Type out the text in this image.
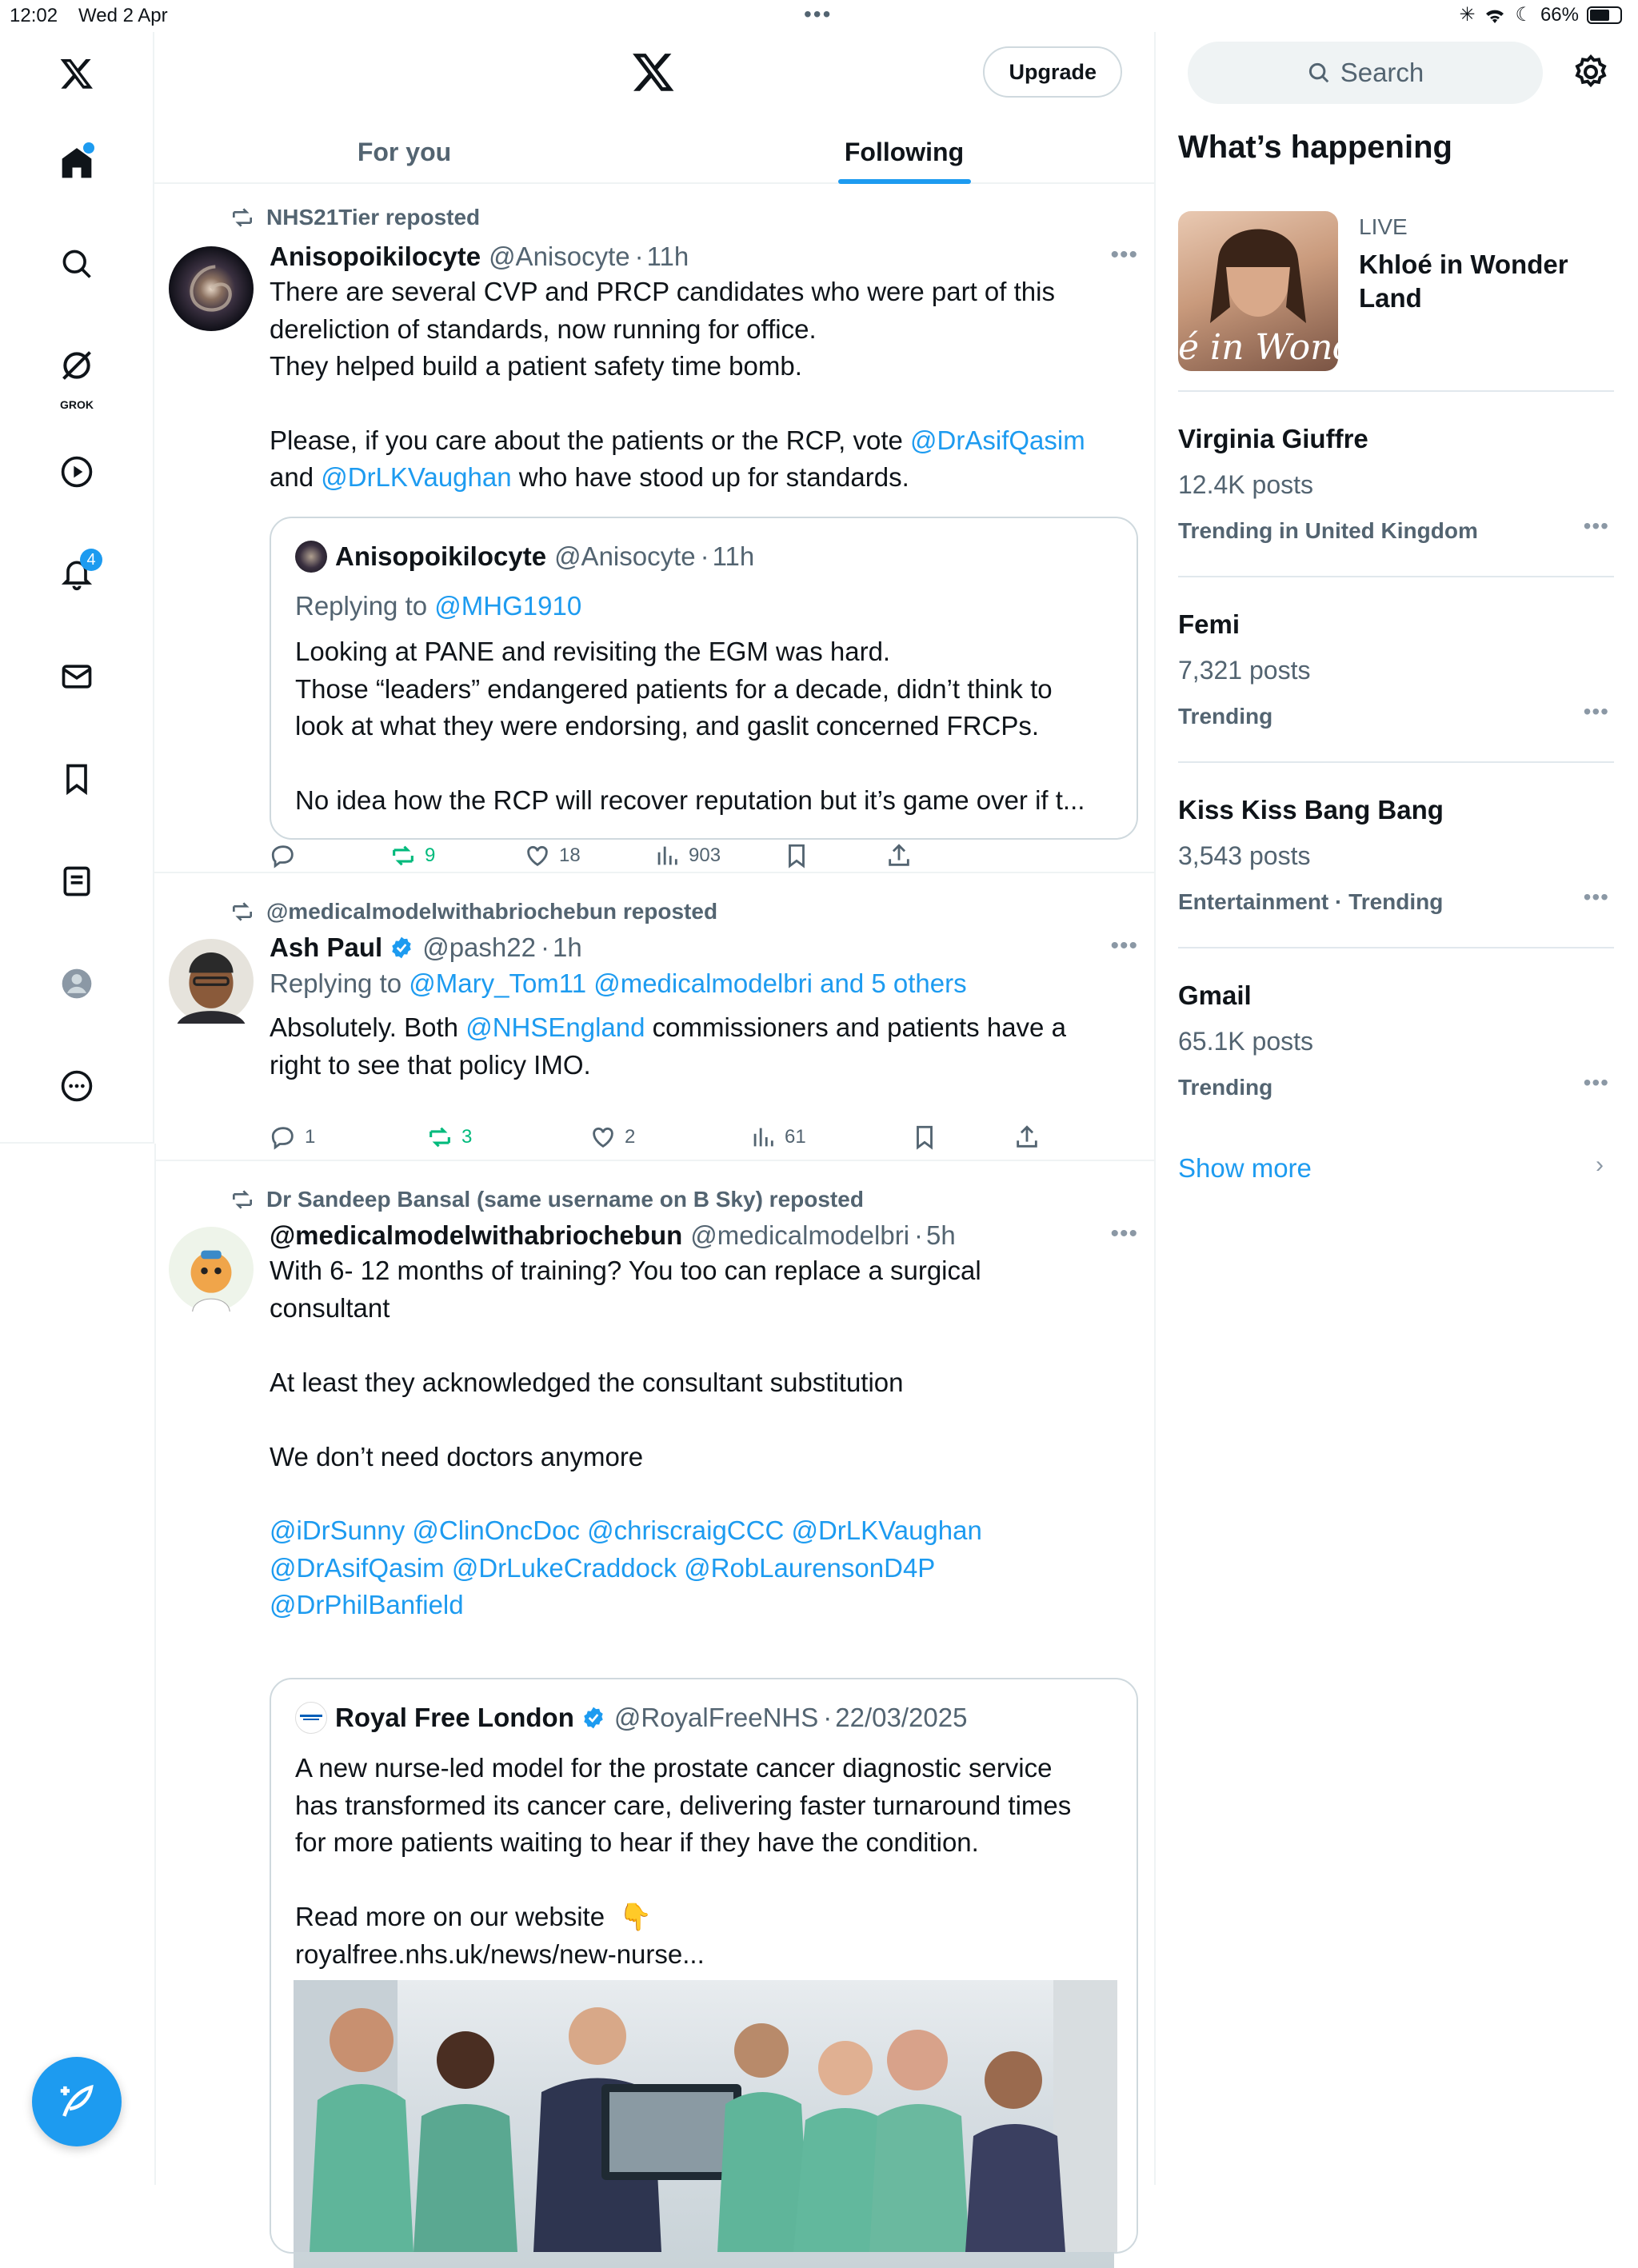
12:02 Wed 2 Apr	•••	✳ ☾ 66%
GROK
4
Upgrade
For you	Following
NHS21Tier reposted
Anisopoikilocyte @Anisocyte · 11h	•••
There are several CVP and PRCP candidates who were part of this
dereliction of standards, now running for office.
They helped build a patient safety time bomb.
Please, if you care about the patients or the RCP, vote @DrAsifQasim
and @DrLKVaughan who have stood up for standards.
Anisopoikilocyte @Anisocyte · 11h
Replying to @MHG1910
Looking at PANE and revisiting the EGM was hard.
Those “leaders” endangered patients for a decade, didn’t think to
look at what they were endorsing, and gaslit concerned FRCPs.

No idea how the RCP will recover reputation but it’s game over if t...
9	18	903
@medicalmodelwithabriochebun reposted
Ash Paul @pash22 · 1h	•••
Replying to @Mary_Tom11 @medicalmodelbri and 5 others
Absolutely. Both @NHSEngland commissioners and patients have a
right to see that policy IMO.
1	3	2	61
Dr Sandeep Bansal (same username on B Sky) reposted
@medicalmodelwithabriochebun @medicalmodelbri · 5h	•••
With 6- 12 months of training? You too can replace a surgical
consultant

At least they acknowledged the consultant substitution

We don’t need doctors anymore
@iDrSunny @ClinOncDoc @chriscraigCCC @DrLKVaughan
@DrAsifQasim @DrLukeCraddock @RobLaurensonD4P
@DrPhilBanfield
Royal Free London @RoyalFreeNHS · 22/03/2025
A new nurse-led model for the prostate cancer diagnostic service
has transformed its cancer care, delivering faster turnaround times
for more patients waiting to hear if they have the condition.

Read more on our website  👇
royalfree.nhs.uk/news/new-nurse...
Search
What’s happening
é in Wonder L
LIVE
Khloé in Wonder Land
Virginia Giuffre
12.4K posts
Trending in United Kingdom	•••
Femi
7,321 posts
Trending	•••
Kiss Kiss Bang Bang
3,543 posts
Entertainment · Trending	•••
Gmail
65.1K posts
Trending	•••
Show more	›
